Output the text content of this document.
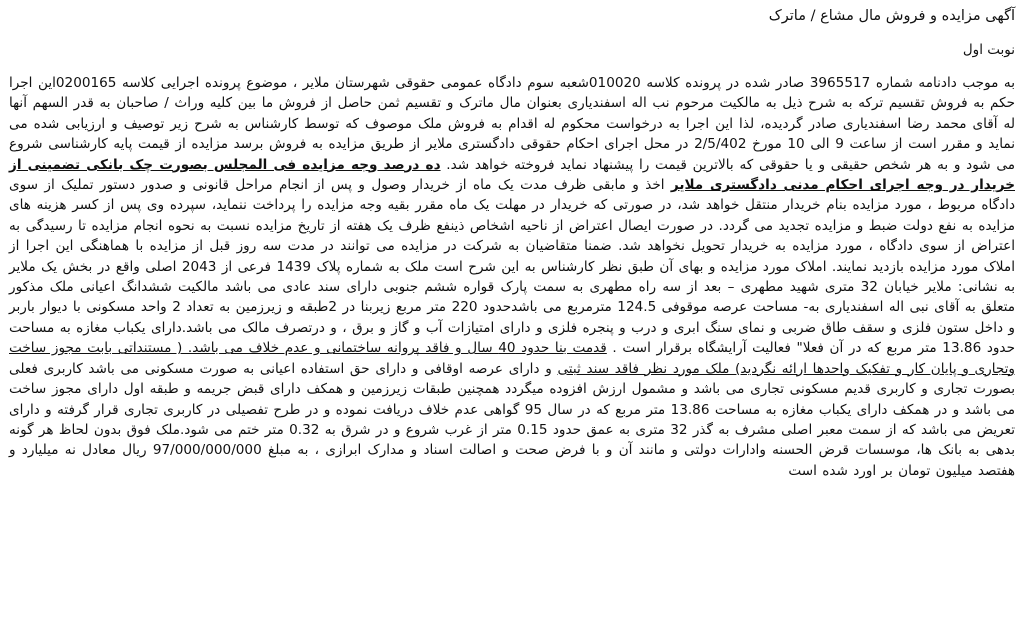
آگهی مزایده و فروش مال مشاع / ماترک
نوبت اول

به موجب دادنامه شماره 3965517 صادر شده در پرونده کلاسه 010020شعبه سوم دادگاه عمومی حقوقی شهرستان ملایر ، موضوع پرونده اجرایی کلاسه 0200165این اجرا حکم به فروش تقسیم ترکه به شرح ذیل به مالکیت مرحوم نب اله اسفندیاری بعنوان مال ماترک و تقسیم ثمن حاصل از فروش ما بین کلیه وراث / صاحبان به قدر السهم آنها له آقای محمد رضا اسفندیاری صادر گردیده، لذا این اجرا به درخواست محکوم له اقدام به فروش ملک موصوف که توسط کارشناس به شرح زیر توصیف و ارزیابی شده می نماید و مقرر است از ساعت 9 الی 10 مورخ 2/5/402 در محل اجرای احکام حقوقی دادگستری ملایر از طریق مزایده به فروش برسد مزایده از قیمت پایه کارشناسی شروع می شود و به هر شخص حقیقی و یا حقوقی که بالاترین قیمت را پیشنهاد نماید فروخته خواهد شد. ده درصد وجه مزایده فی المجلس بصورت چک بانکی تضمینی از خریدار در وجه اجرای احکام مدنی دادگستری ملایر اخذ و مابقی ظرف مدت یک ماه از خریدار وصول و پس از انجام مراحل قانونی و صدور دستور تملیک از سوی دادگاه مربوط ، مورد مزایده بنام خریدار منتقل خواهد شد، در صورتی که خریدار در مهلت یک ماه مقرر بقیه وجه مزایده را پرداخت ننماید، سپرده وی پس از کسر هزینه های مزایده به نفع دولت ضبط و مزایده تجدید می گردد. در صورت ایصال اعتراض از ناحیه اشخاص ذینفع ظرف یک هفته از تاریخ مزایده نسبت به نحوه انجام مزایده تا رسیدگی به اعتراض از سوی دادگاه ، مورد مزایده به خریدار تحویل نخواهد شد. ضمنا متقاضیان به شرکت در مزایده می توانند در مدت سه روز قبل از مزایده با هماهنگی این اجرا از املاک مورد مزایده بازدید نمایند. املاک مورد مزایده و بهای آن طبق نظر کارشناس به این شرح است ملک به شماره پلاک 1439 فرعی از 2043 اصلی واقع در بخش یک ملایر به نشانی: ملایر خیابان 32 متری شهید مطهری – بعد از سه راه مطهری به سمت پارک قواره ششم جنوبی دارای سند عادی می باشد مالکیت ششدانگ اعیانی ملک مذکور متعلق به آقای نبی اله اسفندیاری به- مساحت عرصه موقوفی 124.5 مترمربع می باشدحدود 220 متر مربع زیربنا در 2طبقه و زیرزمین به تعداد 2 واحد مسکونی با دیوار باربر و داخل ستون فلزی و سقف طاق ضربی و نمای سنگ ابری و درب و پنجره فلزی و دارای امتیازات آب و گاز و برق ، و درتصرف مالک می باشد.دارای یکباب مغازه به مساحت حدود 13.86 متر مربع که در آن فعلا" فعالیت آرایشگاه برقرار است . قدمت بنا حدود 40 سال و فاقد پروانه ساختمانی و عدم خلاف می باشد. ( مستنداتی بابت مجوز ساخت وتجاری و پایان کار و تفکیک واحدها ارائه نگردید) ملک مورد نظر فاقد سند ثبتی و دارای عرصه اوقافی و دارای حق استفاده اعیانی به صورت مسکونی می باشد کاربری فعلی بصورت تجاری و کاربری قدیم مسکونی تجاری می باشد و مشمول ارزش افزوده میگردد همچنین طبقات زیرزمین و همکف دارای قبض جریمه و طبقه اول دارای مجوز ساخت می باشد و در همکف دارای یکباب مغازه به مساحت 13.86 متر مربع که در سال 95 گواهی عدم خلاف دریافت نموده و در طرح تفصیلی در کاربری تجاری قرار گرفته و دارای تعریض می باشد که از سمت معبر اصلی مشرف به گذر 32 متری به عمق حدود 0.15 متر از غرب شروع و در شرق به 0.32 متر ختم می شود.ملک فوق بدون لحاظ هر گونه بدهی به بانک ها، موسسات قرض الحسنه وادارات دولتی و مانند آن و با فرض صحت و اصالت اسناد و مدارک ابرازی ، به مبلغ 97/000/000/000 ریال معادل نه میلیارد و هفتصد میلیون تومان بر اورد شده است
